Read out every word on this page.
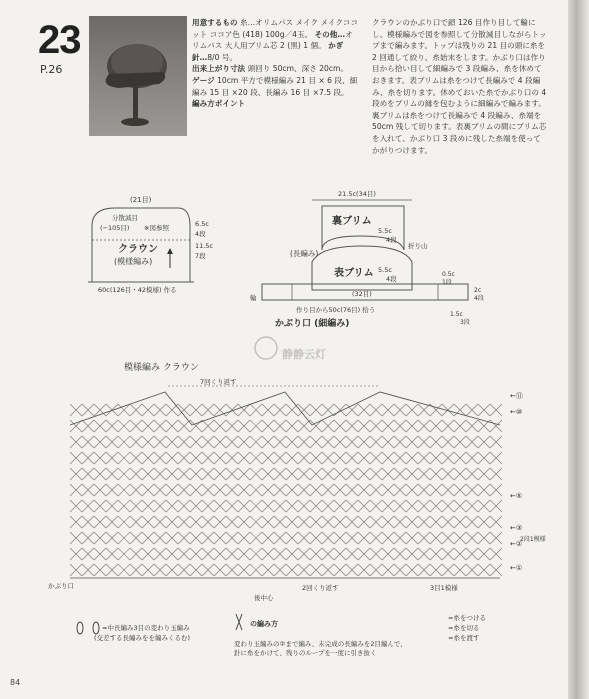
23
P.26
用意するもの 糸…オリムパス メイク メイクココット ココア色 (418) 100g／4玉。 その他…オリムパス 大人用ブリム芯 2 (黒) 1 個。 かぎ針…8/0 号。
出来上がり寸法 頭回り 50cm、深さ 20cm。
ゲージ 10cm 平方で模様編み 21 目 × 6 段、細編み 15 目 ×20 段、長編み 16 目 ×7.5 段。
編み方ポイント
クラウンのかぶり口で鎖 126 目作り目して輪にし、模様編みで図を参照して分散減目しながらトップまで編みます。トップは残りの 21 目の頭に糸を 2 回通して絞り、糸始末をします。かぶり口は作り目から拾い目して細編みで 3 段編み、糸を休めておきます。表ブリムは糸をつけて長編みで 4 段編み、糸を切ります。休めておいた糸でかぶり口の 4 段めをブリムの縁を包むように細編みで編みます。裏ブリムは糸をつけて長編みで 4 段編み、糸端を 50cm 残して切ります。表裏ブリムの間にブリム芯を入れて、かぶり口 3 段めに残した糸端を使ってかがりつけます。
(21目)
分散減目
(−105目) ※図参照
クラウン
(模様編み)
6.5c
4段
11.5c
7段
60c(126目・42模様) 作る
21.5c(34目)
裏ブリム
5.5c
4段
折り山
(長編み)
表ブリム 5.5c
4段
(32目)
0.5c
1段
2c
4段
輪
作り目から50c(76目) 拾う
1.5c
3段
かぶり口 (細編み)
静静云灯
模様編み クラウン
7回くり返す
かぶり口
後中心
2回くり返す	3目1模様
2段1模様
←⑪
←⑩
←⑤
←③
←②
←①
=中長編み3目の変わり玉編み
(交差する長編みをを編みくるむ)
の編み方
変わり玉編みの②まで編み、未完成の長編みを2目編んで、針に糸をかけて、残りのループを一度に引き抜く
=糸をつける
=糸を切る
=糸を渡す
84
